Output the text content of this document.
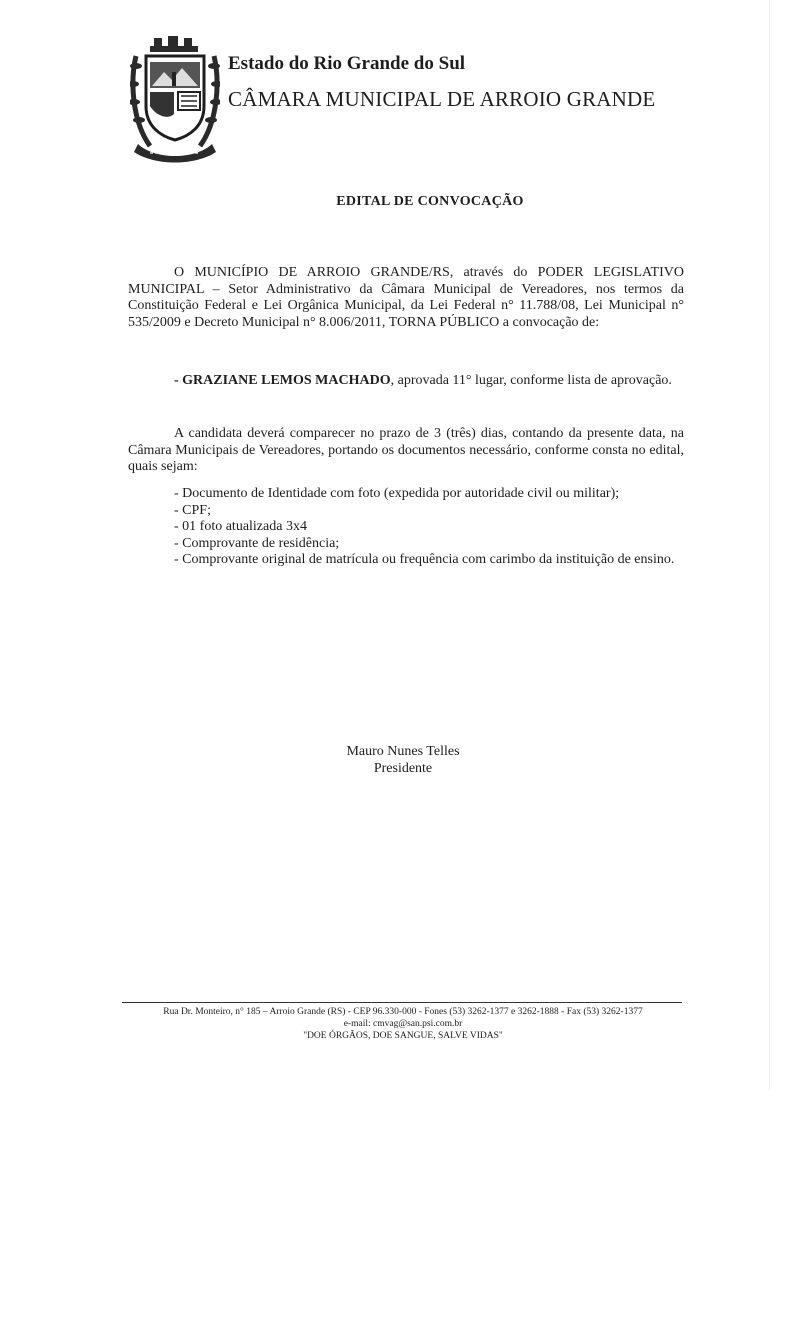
Estado do Rio Grande do Sul
CÂMARA MUNICIPAL DE ARROIO GRANDE
EDITAL DE CONVOCAÇÃO

O MUNICÍPIO DE ARROIO GRANDE/RS, através do PODER LEGISLATIVO MUNICIPAL – Setor Administrativo da Câmara Municipal de Vereadores, nos termos da Constituição Federal e Lei Orgânica Municipal, da Lei Federal n° 11.788/08, Lei Municipal n° 535/2009 e Decreto Municipal n° 8.006/2011, TORNA PÚBLICO a convocação de:

- GRAZIANE LEMOS MACHADO, aprovada 11° lugar, conforme lista de aprovação.

A candidata deverá comparecer no prazo de 3 (três) dias, contando da presente data, na Câmara Municipais de Vereadores, portando os documentos necessário, conforme consta no edital, quais sejam:

- Documento de Identidade com foto (expedida por autoridade civil ou militar);
- CPF;
- 01 foto atualizada 3x4
- Comprovante de residência;
- Comprovante original de matrícula ou frequência com carimbo da instituição de ensino.
Mauro Nunes Telles
Presidente
Rua Dr. Monteiro, n° 185 – Arroio Grande (RS) - CEP 96.330-000 - Fones (53) 3262-1377 e 3262-1888 - Fax (53) 3262-1377
e-mail: cmvag@san.psi.com.br
"DOE ÓRGÃOS, DOE SANGUE, SALVE VIDAS"
